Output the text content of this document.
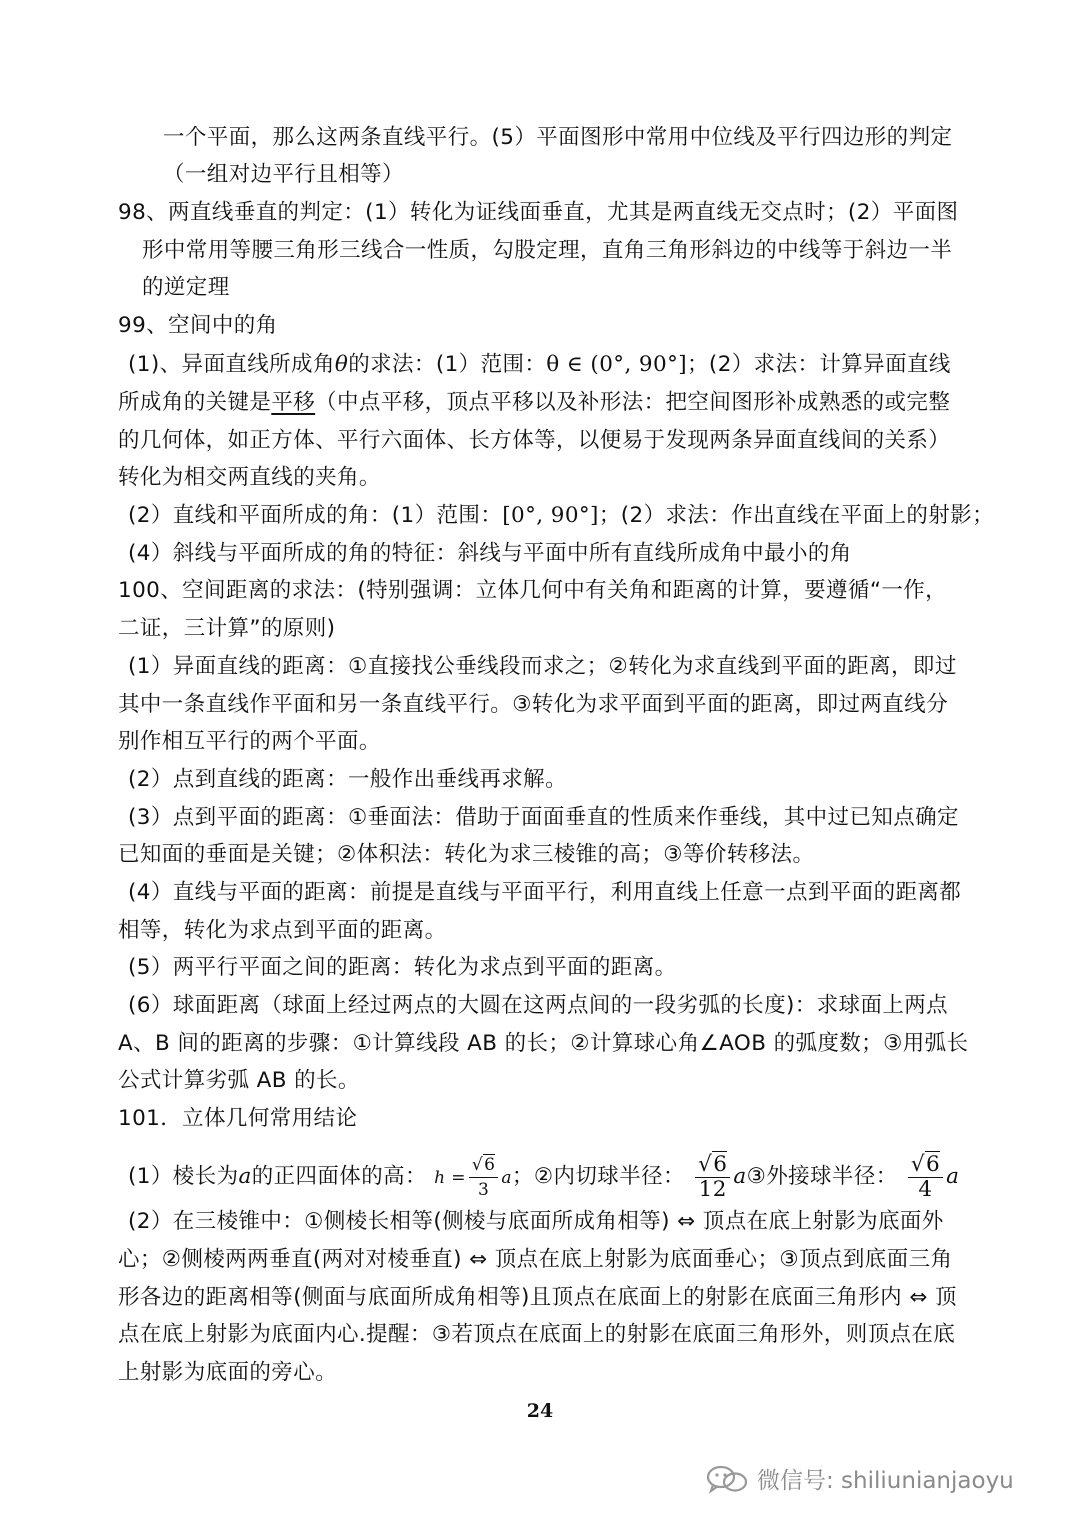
一个平面，那么这两条直线平行。(5）平面图形中常用中位线及平行四边形的判定
（一组对边平行且相等）
98、两直线垂直的判定：(1）转化为证线面垂直，尤其是两直线无交点时；(2）平面图
形中常用等腰三角形三线合一性质，勾股定理，直角三角形斜边的中线等于斜边一半
的逆定理
99、空间中的角
(1)、异面直线所成角θ的求法：(1）范围：θ ∈ (0°, 90°]；(2）求法：计算异面直线
所成角的关键是平移（中点平移，顶点平移以及补形法：把空间图形补成熟悉的或完整
的几何体，如正方体、平行六面体、长方体等，以便易于发现两条异面直线间的关系）
转化为相交两直线的夹角。
(2）直线和平面所成的角：(1）范围：[0°, 90°]；(2）求法：作出直线在平面上的射影；
(4）斜线与平面所成的角的特征：斜线与平面中所有直线所成角中最小的角
100、空间距离的求法：(特别强调：立体几何中有关角和距离的计算，要遵循“一作，
二证，三计算”的原则)
(1）异面直线的距离：①直接找公垂线段而求之；②转化为求直线到平面的距离，即过
其中一条直线作平面和另一条直线平行。③转化为求平面到平面的距离，即过两直线分
别作相互平行的两个平面。
(2）点到直线的距离：一般作出垂线再求解。
(3）点到平面的距离：①垂面法：借助于面面垂直的性质来作垂线，其中过已知点确定
已知面的垂面是关键；②体积法：转化为求三棱锥的高；③等价转移法。
(4）直线与平面的距离：前提是直线与平面平行，利用直线上任意一点到平面的距离都
相等，转化为求点到平面的距离。
(5）两平行平面之间的距离：转化为求点到平面的距离。
(6）球面距离（球面上经过两点的大圆在这两点间的一段劣弧的长度)：求球面上两点
A、B 间的距离的步骤：①计算线段 AB 的长；②计算球心角∠AOB 的弧度数；③用弧长
公式计算劣弧 AB 的长。
101．立体几何常用结论
(1）棱长为a的正四面体的高： $h = \frac{√6}{3}$ a；②内切球半径： $\frac{√6}{12}$ a③外接球半径： $\frac{√6}{4}$ a
(2）在三棱锥中：①侧棱长相等(侧棱与底面所成角相等) ⇔ 顶点在底上射影为底面外
心；②侧棱两两垂直(两对对棱垂直) ⇔ 顶点在底上射影为底面垂心；③顶点到底面三角
形各边的距离相等(侧面与底面所成角相等)且顶点在底面上的射影在底面三角形内 ⇔ 顶
点在底上射影为底面内心.提醒：③若顶点在底面上的射影在底面三角形外，则顶点在底
上射影为底面的旁心。
24
微信号: shiliunianjaoyu
